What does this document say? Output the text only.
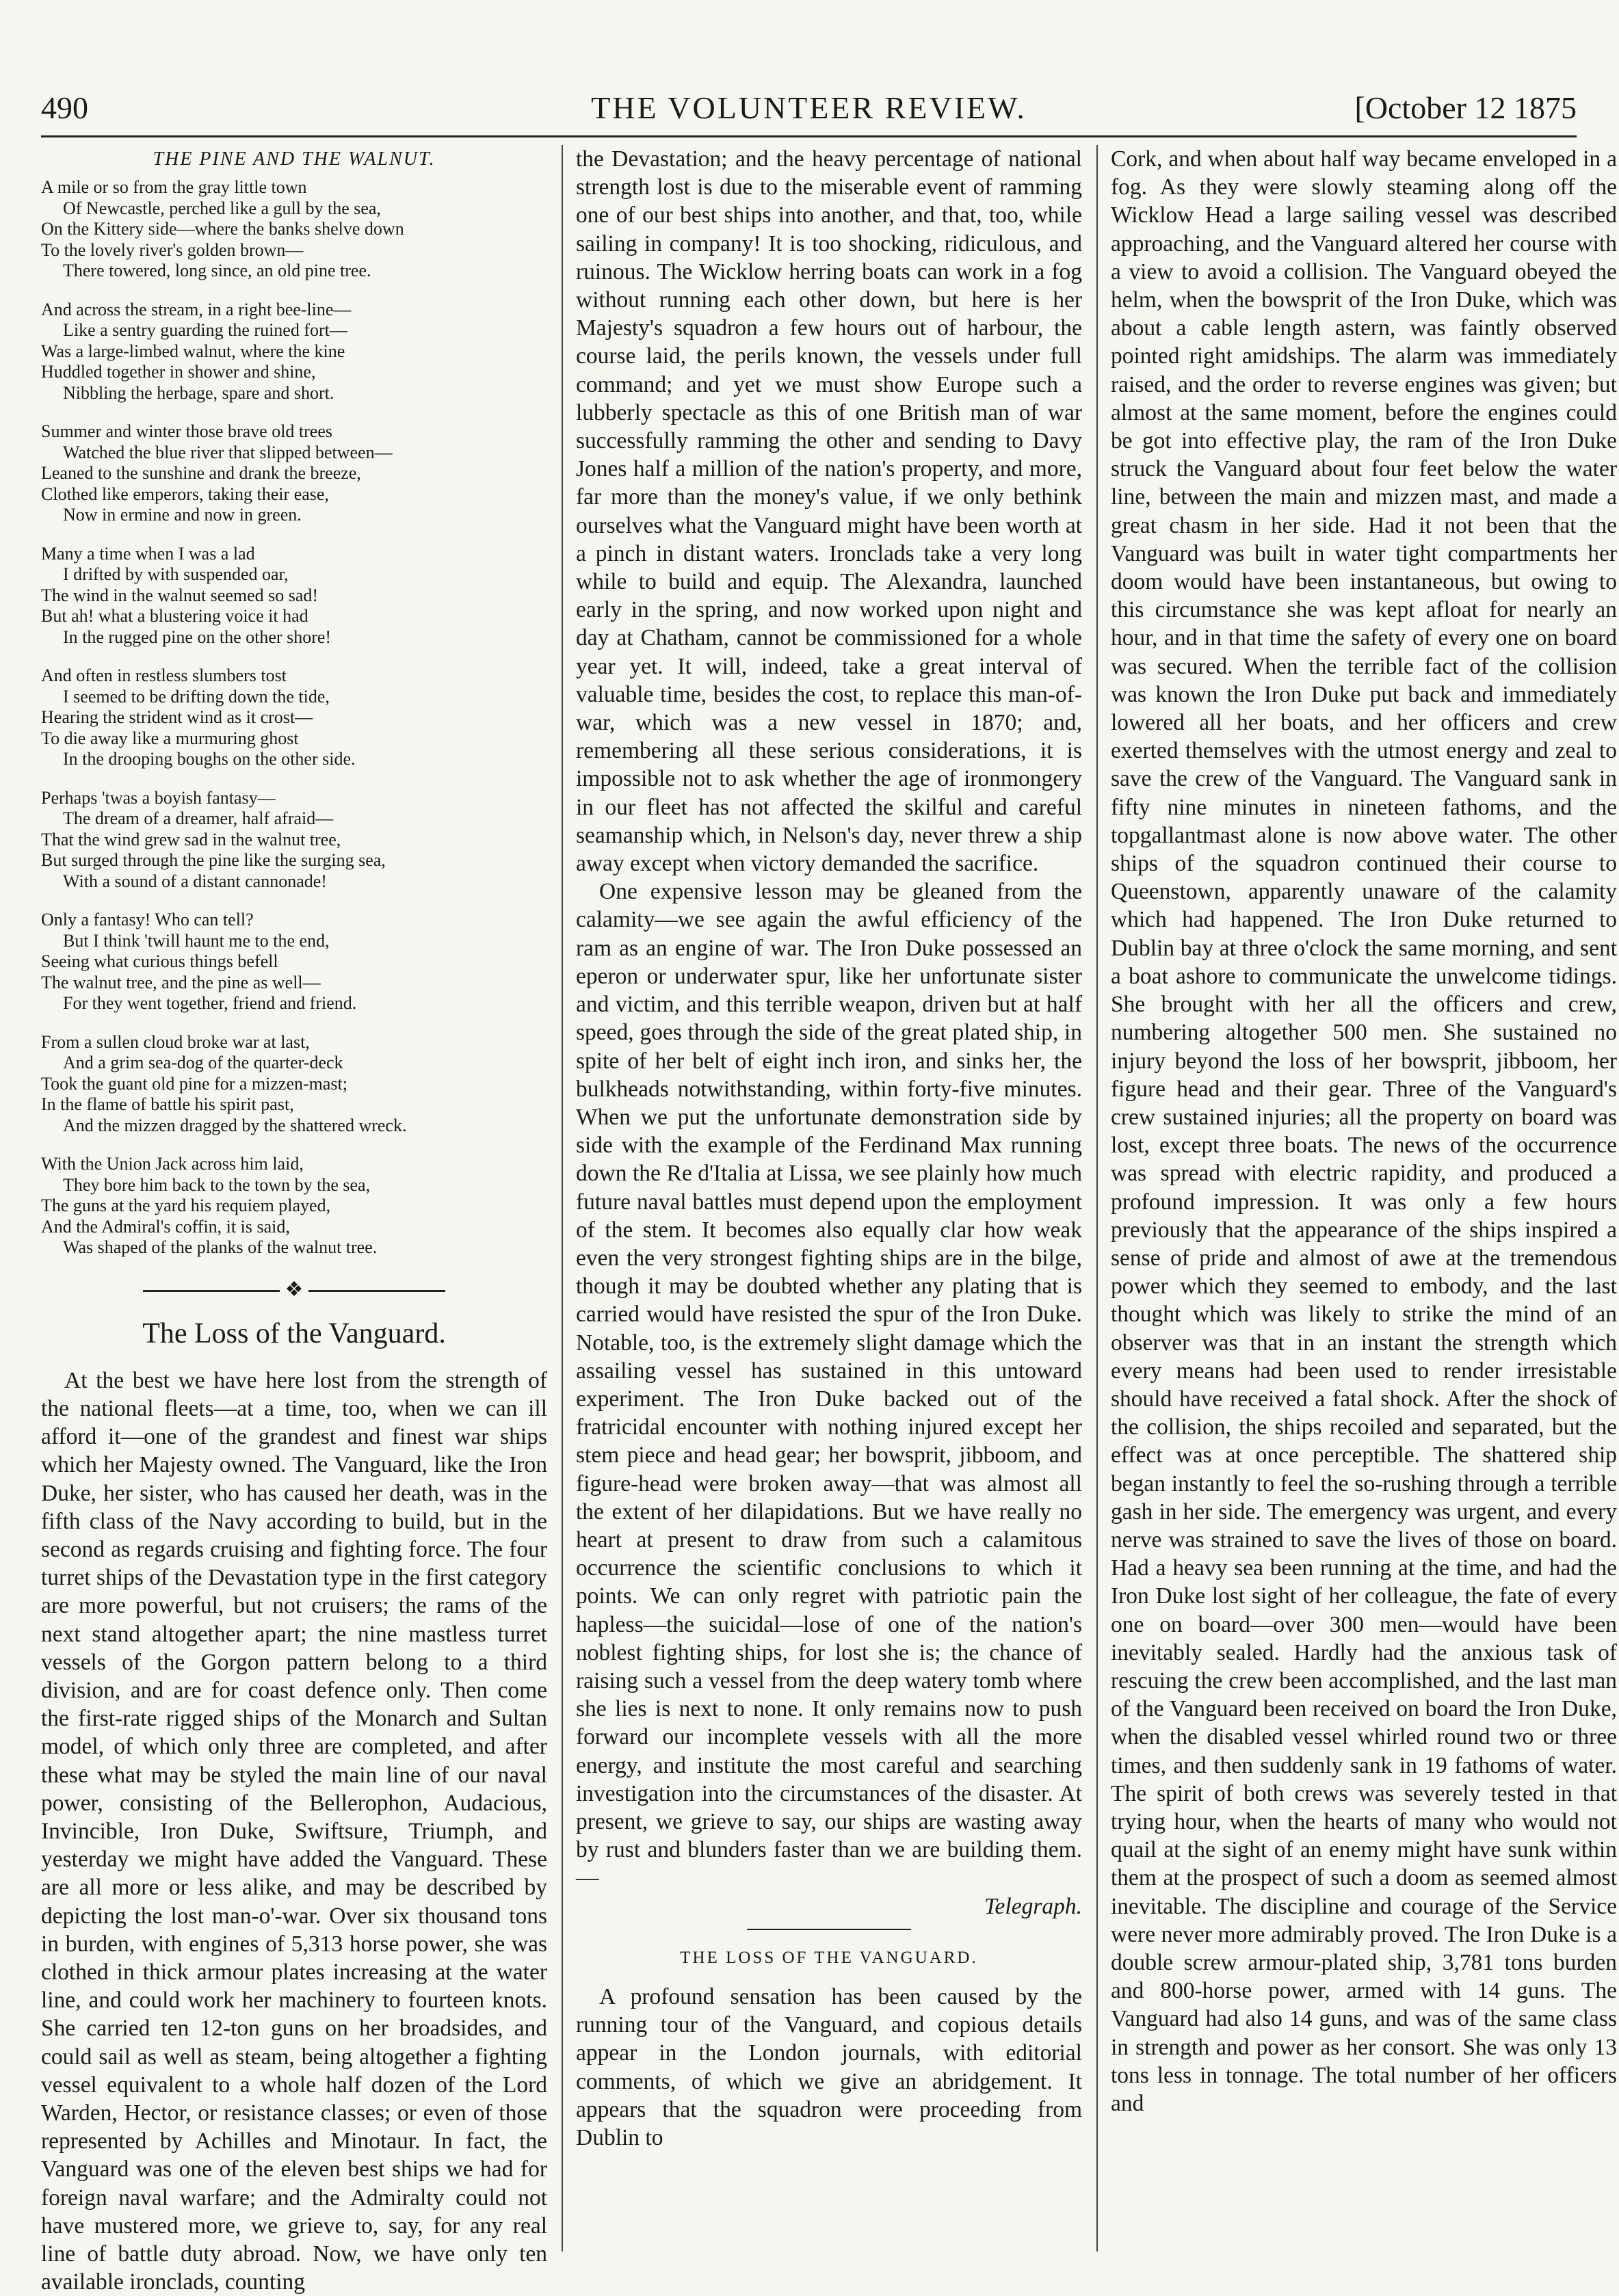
490	THE VOLUNTEER REVIEW.	[October 12 1875
THE PINE AND THE WALNUT.
A mile or so from the gray little town
Of Newcastle, perched like a gull by the sea,
On the Kittery side—where the banks shelve down
To the lovely river's golden brown—
There towered, long since, an old pine tree.
And across the stream, in a right bee-line—
Like a sentry guarding the ruined fort—
Was a large-limbed walnut, where the kine
Huddled together in shower and shine,
Nibbling the herbage, spare and short.
Summer and winter those brave old trees
Watched the blue river that slipped between—
Leaned to the sunshine and drank the breeze,
Clothed like emperors, taking their ease,
Now in ermine and now in green.
Many a time when I was a lad
I drifted by with suspended oar,
The wind in the walnut seemed so sad!
But ah! what a blustering voice it had
In the rugged pine on the other shore!
And often in restless slumbers tost
I seemed to be drifting down the tide,
Hearing the strident wind as it crost—
To die away like a murmuring ghost
In the drooping boughs on the other side.
Perhaps 'twas a boyish fantasy—
The dream of a dreamer, half afraid—
That the wind grew sad in the walnut tree,
But surged through the pine like the surging sea,
With a sound of a distant cannonade!
Only a fantasy! Who can tell?
But I think 'twill haunt me to the end,
Seeing what curious things befell
The walnut tree, and the pine as well—
For they went together, friend and friend.
From a sullen cloud broke war at last,
And a grim sea-dog of the quarter-deck
Took the guant old pine for a mizzen-mast;
In the flame of battle his spirit past,
And the mizzen dragged by the shattered wreck.
With the Union Jack across him laid,
They bore him back to the town by the sea,
The guns at the yard his requiem played,
And the Admiral's coffin, it is said,
Was shaped of the planks of the walnut tree.
❖
The Loss of the Vanguard.

At the best we have here lost from the strength of the national fleets—at a time, too, when we can ill afford it—one of the grandest and finest war ships which her Majesty owned. The Vanguard, like the Iron Duke, her sister, who has caused her death, was in the fifth class of the Navy according to build, but in the second as regards cruising and fighting force. The four turret ships of the Devastation type in the first category are more powerful, but not cruisers; the rams of the next stand altogether apart; the nine mastless turret vessels of the Gorgon pattern belong to a third division, and are for coast defence only. Then come the first-rate rigged ships of the Monarch and Sultan model, of which only three are completed, and after these what may be styled the main line of our naval power, consisting of the Bellerophon, Audacious, Invincible, Iron Duke, Swiftsure, Triumph, and yesterday we might have added the Vanguard. These are all more or less alike, and may be described by depicting the lost man-o'-war. Over six thousand tons in burden, with engines of 5,313 horse power, she was clothed in thick armour plates increasing at the water line, and could work her machinery to fourteen knots. She carried ten 12-ton guns on her broadsides, and could sail as well as steam, being altogether a fighting vessel equivalent to a whole half dozen of the Lord Warden, Hector, or resistance classes; or even of those represented by Achilles and Minotaur. In fact, the Vanguard was one of the eleven best ships we had for foreign naval warfare; and the Admiralty could not have mustered more, we grieve to, say, for any real line of battle duty abroad. Now, we have only ten available ironclads, counting

the Devastation; and the heavy percentage of national strength lost is due to the miserable event of ramming one of our best ships into another, and that, too, while sailing in company! It is too shocking, ridiculous, and ruinous. The Wicklow herring boats can work in a fog without running each other down, but here is her Majesty's squadron a few hours out of harbour, the course laid, the perils known, the vessels under full command; and yet we must show Europe such a lubberly spectacle as this of one British man of war successfully ramming the other and sending to Davy Jones half a million of the nation's property, and more, far more than the money's value, if we only bethink ourselves what the Vanguard might have been worth at a pinch in distant waters. Ironclads take a very long while to build and equip. The Alexandra, launched early in the spring, and now worked upon night and day at Chatham, cannot be commissioned for a whole year yet. It will, indeed, take a great interval of valuable time, besides the cost, to replace this man-of-war, which was a new vessel in 1870; and, remembering all these serious considerations, it is impossible not to ask whether the age of ironmongery in our fleet has not affected the skilful and careful seamanship which, in Nelson's day, never threw a ship away except when victory demanded the sacrifice.

One expensive lesson may be gleaned from the calamity—we see again the awful efficiency of the ram as an engine of war. The Iron Duke possessed an eperon or underwater spur, like her unfortunate sister and victim, and this terrible weapon, driven but at half speed, goes through the side of the great plated ship, in spite of her belt of eight inch iron, and sinks her, the bulkheads notwithstanding, within forty-five minutes. When we put the unfortunate demonstration side by side with the example of the Ferdinand Max running down the Re d'Italia at Lissa, we see plainly how much future naval battles must depend upon the employment of the stem. It becomes also equally clar how weak even the very strongest fighting ships are in the bilge, though it may be doubted whether any plating that is carried would have resisted the spur of the Iron Duke. Notable, too, is the extremely slight damage which the assailing vessel has sustained in this untoward experiment. The Iron Duke backed out of the fratricidal encounter with nothing injured except her stem piece and head gear; her bowsprit, jibboom, and figure-head were broken away—that was almost all the extent of her dilapidations. But we have really no heart at present to draw from such a calamitous occurrence the scientific conclusions to which it points. We can only regret with patriotic pain the hapless—the suicidal—lose of one of the nation's noblest fighting ships, for lost she is; the chance of raising such a vessel from the deep watery tomb where she lies is next to none. It only remains now to push forward our incomplete vessels with all the more energy, and institute the most careful and searching investigation into the circumstances of the disaster. At present, we grieve to say, our ships are wasting away by rust and blunders faster than we are building them.—

Telegraph.

THE LOSS OF THE VANGUARD.

A profound sensation has been caused by the running tour of the Vanguard, and copious details appear in the London journals, with editorial comments, of which we give an abridgement. It appears that the squadron were proceeding from Dublin to

Cork, and when about half way became enveloped in a fog. As they were slowly steaming along off the Wicklow Head a large sailing vessel was described approaching, and the Vanguard altered her course with a view to avoid a collision. The Vanguard obeyed the helm, when the bowsprit of the Iron Duke, which was about a cable length astern, was faintly observed pointed right amidships. The alarm was immediately raised, and the order to reverse engines was given; but almost at the same moment, before the engines could be got into effective play, the ram of the Iron Duke struck the Vanguard about four feet below the water line, between the main and mizzen mast, and made a great chasm in her side. Had it not been that the Vanguard was built in water tight compartments her doom would have been instantaneous, but owing to this circumstance she was kept afloat for nearly an hour, and in that time the safety of every one on board was secured. When the terrible fact of the collision was known the Iron Duke put back and immediately lowered all her boats, and her officers and crew exerted themselves with the utmost energy and zeal to save the crew of the Vanguard. The Vanguard sank in fifty nine minutes in nineteen fathoms, and the topgallantmast alone is now above water. The other ships of the squadron continued their course to Queenstown, apparently unaware of the calamity which had happened. The Iron Duke returned to Dublin bay at three o'clock the same morning, and sent a boat ashore to communicate the unwelcome tidings. She brought with her all the officers and crew, numbering altogether 500 men. She sustained no injury beyond the loss of her bowsprit, jibboom, her figure head and their gear. Three of the Vanguard's crew sustained injuries; all the property on board was lost, except three boats. The news of the occurrence was spread with electric rapidity, and produced a profound impression. It was only a few hours previously that the appearance of the ships inspired a sense of pride and almost of awe at the tremendous power which they seemed to embody, and the last thought which was likely to strike the mind of an observer was that in an instant the strength which every means had been used to render irresistable should have received a fatal shock. After the shock of the collision, the ships recoiled and separated, but the effect was at once perceptible. The shattered ship began instantly to feel the so-rushing through a terrible gash in her side. The emergency was urgent, and every nerve was strained to save the lives of those on board. Had a heavy sea been running at the time, and had the Iron Duke lost sight of her colleague, the fate of every one on board—over 300 men—would have been inevitably sealed. Hardly had the anxious task of rescuing the crew been accomplished, and the last man of the Vanguard been received on board the Iron Duke, when the disabled vessel whirled round two or three times, and then suddenly sank in 19 fathoms of water. The spirit of both crews was severely tested in that trying hour, when the hearts of many who would not quail at the sight of an enemy might have sunk within them at the prospect of such a doom as seemed almost inevitable. The discipline and courage of the Service were never more admirably proved. The Iron Duke is a double screw armour-plated ship, 3,781 tons burden and 800-horse power, armed with 14 guns. The Vanguard had also 14 guns, and was of the same class in strength and power as her consort. She was only 13 tons less in tonnage. The total number of her officers and
